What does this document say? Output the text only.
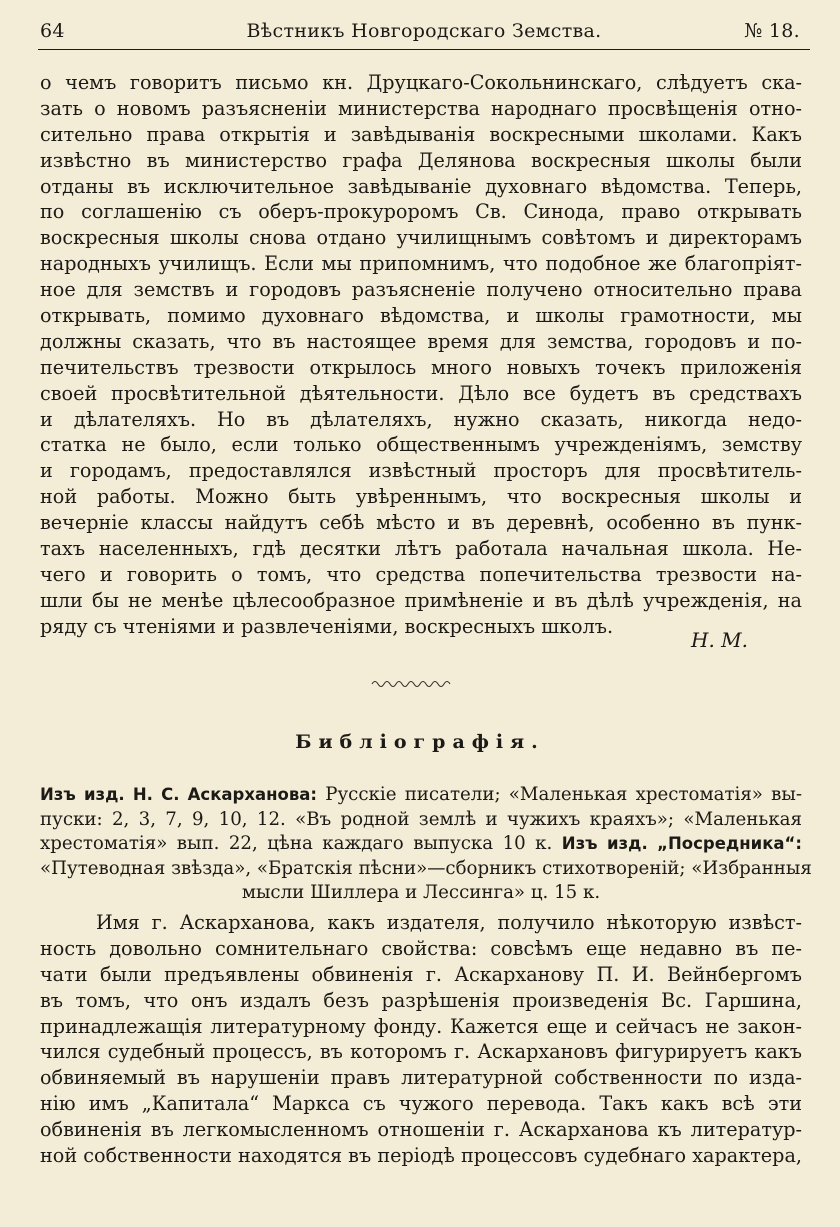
64	Вѣстникъ Новгородскаго Земства.	№ 18.
о чемъ говоритъ письмо кн. Друцкаго-Сокольнинскаго, слѣдуетъ ска-
зать о новомъ разъясненіи министерства народнаго просвѣщенія отно-
сительно права открытія и завѣдыванія воскресными школами. Какъ
извѣстно въ министерство графа Делянова воскресныя школы были
отданы въ исключительное завѣдываніе духовнаго вѣдомства. Теперь,
по соглашенію съ оберъ-прокуроромъ Св. Синода, право открывать
воскресныя школы снова отдано училищнымъ совѣтомъ и директорамъ
народныхъ училищъ. Если мы припомнимъ, что подобное же благопріят-
ное для земствъ и городовъ разъясненіе получено относительно права
открывать, помимо духовнаго вѣдомства, и школы грамотности, мы
должны сказать, что въ настоящее время для земства, городовъ и по-
печительствъ трезвости открылось много новыхъ точекъ приложенія
своей просвѣтительной дѣятельности. Дѣло все будетъ въ средствахъ
и дѣлателяхъ. Но въ дѣлателяхъ, нужно сказать, никогда недо-
статка не было, если только общественнымъ учрежденіямъ, земству
и городамъ, предоставлялся извѣстный просторъ для просвѣтитель-
ной работы. Можно быть увѣреннымъ, что воскресныя школы и
вечерніе классы найдутъ себѣ мѣсто и въ деревнѣ, особенно въ пунк-
тахъ населенныхъ, гдѣ десятки лѣтъ работала начальная школа. Не-
чего и говорить о томъ, что средства попечительства трезвости на-
шли бы не менѣе цѣлесообразное примѣненіе и въ дѣлѣ учрежденія, на
ряду съ чтеніями и развлеченіями, воскресныхъ школъ.
Н. М.
Библіографія.
Изъ изд. Н. С. Аскарханова: Русскіе писатели; «Маленькая хрестоматія» вы-
пуски: 2, 3, 7, 9, 10, 12. «Въ родной землѣ и чужихъ краяхъ»; «Маленькая
хрестоматія» вып. 22, цѣна каждаго выпуска 10 к. Изъ изд. „Посредника“:
«Путеводная звѣзда», «Братскія пѣсни»—сборникъ стихотвореній; «Избранныя
мысли Шиллера и Лессинга» ц. 15 к.
Имя г. Аскарханова, какъ издателя, получило нѣкоторую извѣст-
ность довольно сомнительнаго свойства: совсѣмъ еще недавно въ пе-
чати были предъявлены обвиненія г. Аскарханову П. И. Вейнбергомъ
въ томъ, что онъ издалъ безъ разрѣшенія произведенія Вс. Гаршина,
принадлежащія литературному фонду. Кажется еще и сейчасъ не закон-
чился судебный процессъ, въ которомъ г. Аскархановъ фигурируетъ какъ
обвиняемый въ нарушеніи правъ литературной собственности по изда-
нію имъ „Капитала“ Маркса съ чужого перевода. Такъ какъ всѣ эти
обвиненія въ легкомысленномъ отношеніи г. Аскарханова къ литератур-
ной собственности находятся въ періодѣ процессовъ судебнаго характера,
